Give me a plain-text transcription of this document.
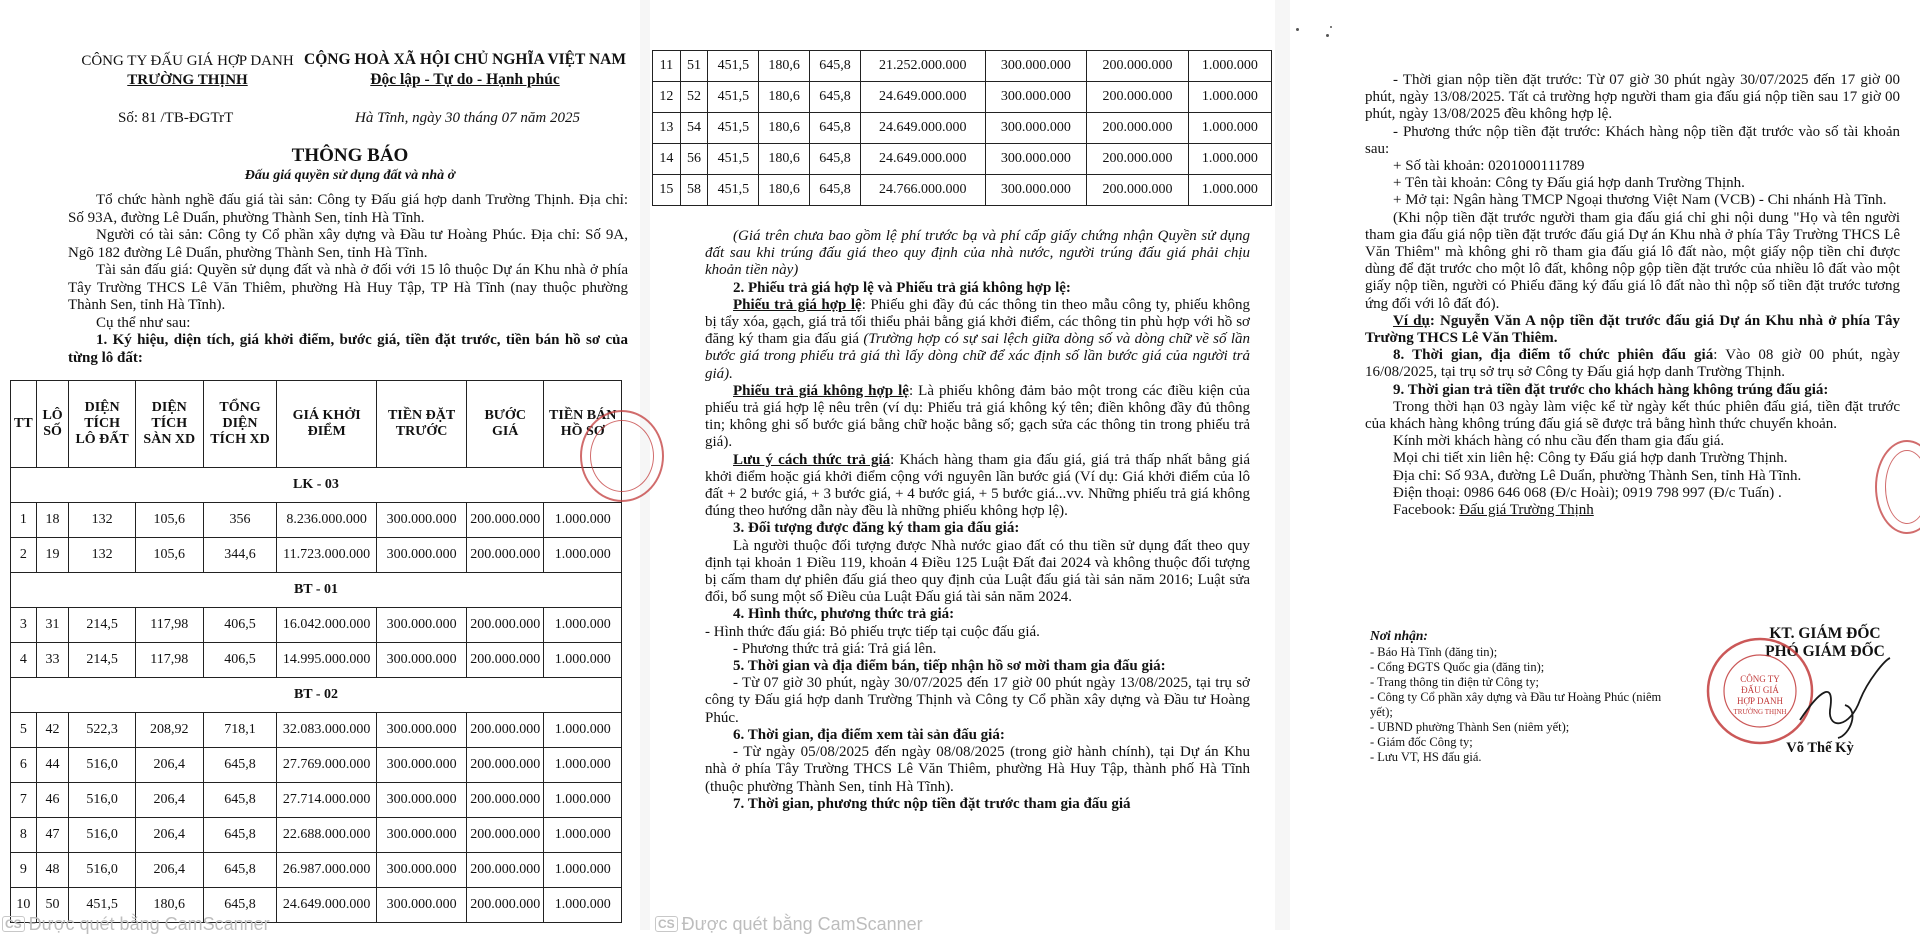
CÔNG TY ĐẤU GIÁ HỢP DANH
TRƯỜNG THỊNH
CỘNG HOÀ XÃ HỘI CHỦ NGHĨA VIỆT NAM
Độc lập - Tự do - Hạnh phúc
Số: 81 /TB-ĐGTrT	Hà Tĩnh, ngày 30 tháng 07 năm 2025
THÔNG BÁO
Đấu giá quyền sử dụng đất và nhà ở

Tổ chức hành nghề đấu giá tài sản: Công ty Đấu giá hợp danh Trường Thịnh. Địa chỉ: Số 93A, đường Lê Duẩn, phường Thành Sen, tỉnh Hà Tĩnh.

Người có tài sản: Công ty Cổ phần xây dựng và Đầu tư Hoàng Phúc. Địa chỉ: Số 9A, Ngõ 182 đường Lê Duẩn, phường Thành Sen, tỉnh Hà Tĩnh.

Tài sản đấu giá: Quyền sử dụng đất và nhà ở đối với 15 lô thuộc Dự án Khu nhà ở phía Tây Trường THCS Lê Văn Thiêm, phường Hà Huy Tập, TP Hà Tĩnh (nay thuộc phường Thành Sen, tỉnh Hà Tĩnh).

Cụ thể như sau:

1. Ký hiệu, diện tích, giá khởi điểm, bước giá, tiền đặt trước, tiền bán hồ sơ của từng lô đất:

TT	LÔ SỐ	DIỆN TÍCH LÔ ĐẤT	DIỆN TÍCH SÀN XD	TỔNG DIỆN TÍCH XD	GIÁ KHỞI ĐIỂM	TIỀN ĐẶT TRƯỚC	BƯỚC GIÁ	TIỀN BÁN HỒ SƠ
LK - 03								
1	18	132	105,6	356	8.236.000.000	300.000.000	200.000.000	1.000.000
2	19	132	105,6	344,6	11.723.000.000	300.000.000	200.000.000	1.000.000
BT - 01								
3	31	214,5	117,98	406,5	16.042.000.000	300.000.000	200.000.000	1.000.000
4	33	214,5	117,98	406,5	14.995.000.000	300.000.000	200.000.000	1.000.000
BT - 02								
5	42	522,3	208,92	718,1	32.083.000.000	300.000.000	200.000.000	1.000.000
6	44	516,0	206,4	645,8	27.769.000.000	300.000.000	200.000.000	1.000.000
7	46	516,0	206,4	645,8	27.714.000.000	300.000.000	200.000.000	1.000.000
8	47	516,0	206,4	645,8	22.688.000.000	300.000.000	200.000.000	1.000.000
9	48	516,0	206,4	645,8	26.987.000.000	300.000.000	200.000.000	1.000.000
10	50	451,5	180,6	645,8	24.649.000.000	300.000.000	200.000.000	1.000.000
CS Được quét bằng CamScanner
11	51	451,5	180,6	645,8	21.252.000.000	300.000.000	200.000.000	1.000.000
12	52	451,5	180,6	645,8	24.649.000.000	300.000.000	200.000.000	1.000.000
13	54	451,5	180,6	645,8	24.649.000.000	300.000.000	200.000.000	1.000.000
14	56	451,5	180,6	645,8	24.649.000.000	300.000.000	200.000.000	1.000.000
15	58	451,5	180,6	645,8	24.766.000.000	300.000.000	200.000.000	1.000.000

(Giá trên chưa bao gồm lệ phí trước bạ và phí cấp giấy chứng nhận Quyền sử dụng đất sau khi trúng đấu giá theo quy định của nhà nước, người trúng đấu giá phải chịu khoản tiền này)

2. Phiếu trả giá hợp lệ và Phiếu trả giá không hợp lệ:

Phiếu trả giá hợp lệ: Phiếu ghi đầy đủ các thông tin theo mẫu công ty, phiếu không bị tẩy xóa, gạch, giá trả tối thiểu phải bằng giá khởi điểm, các thông tin phù hợp với hồ sơ đăng ký tham gia đấu giá (Trường hợp có sự sai lệch giữa dòng số và dòng chữ về số lần bước giá trong phiếu trả giá thì lấy dòng chữ để xác định số lần bước giá của người trả giá).

Phiếu trả giá không hợp lệ: Là phiếu không đảm bảo một trong các điều kiện của phiếu trả giá hợp lệ nêu trên (ví dụ: Phiếu trả giá không ký tên; điền không đầy đủ thông tin; không ghi số bước giá bằng chữ hoặc bằng số; gạch sửa các thông tin trong phiếu trả giá).

Lưu ý cách thức trả giá: Khách hàng tham gia đấu giá, giá trả thấp nhất bằng giá khởi điểm hoặc giá khởi điểm cộng với nguyên lần bước giá (Ví dụ: Giá khởi điểm của lô đất + 2 bước giá, + 3 bước giá, + 4 bước giá, + 5 bước giá...vv. Những phiếu trả giá không đúng theo hướng dẫn này đều là những phiếu không hợp lệ).

3. Đối tượng được đăng ký tham gia đấu giá:

Là người thuộc đối tượng được Nhà nước giao đất có thu tiền sử dụng đất theo quy định tại khoản 1 Điều 119, khoản 4 Điều 125 Luật Đất đai 2024 và không thuộc đối tượng bị cấm tham dự phiên đấu giá theo quy định của Luật đấu giá tài sản năm 2016; Luật sửa đổi, bổ sung một số Điều của Luật Đấu giá tài sản năm 2024.

4. Hình thức, phương thức trả giá:

- Hình thức đấu giá: Bỏ phiếu trực tiếp tại cuộc đấu giá.

- Phương thức trả giá: Trả giá lên.

5. Thời gian và địa điểm bán, tiếp nhận hồ sơ mời tham gia đấu giá:

- Từ 07 giờ 30 phút, ngày 30/07/2025 đến 17 giờ 00 phút ngày 13/08/2025, tại trụ sở công ty Đấu giá hợp danh Trường Thịnh và Công ty Cổ phần xây dựng và Đầu tư Hoàng Phúc.

6. Thời gian, địa điểm xem tài sản đấu giá:

- Từ ngày 05/08/2025 đến ngày 08/08/2025 (trong giờ hành chính), tại Dự án Khu nhà ở phía Tây Trường THCS Lê Văn Thiêm, phường Hà Huy Tập, thành phố Hà Tĩnh (thuộc phường Thành Sen, tỉnh Hà Tĩnh).

7. Thời gian, phương thức nộp tiền đặt trước tham gia đấu giá

CS Được quét bằng CamScanner

- Thời gian nộp tiền đặt trước: Từ 07 giờ 30 phút ngày 30/07/2025 đến 17 giờ 00 phút, ngày 13/08/2025. Tất cả trường hợp người tham gia đấu giá nộp tiền sau 17 giờ 00 phút, ngày 13/08/2025 đều không hợp lệ.

- Phương thức nộp tiền đặt trước: Khách hàng nộp tiền đặt trước vào số tài khoản sau:

+ Số tài khoản: 0201000111789

+ Tên tài khoản: Công ty Đấu giá hợp danh Trường Thịnh.

+ Mở tại: Ngân hàng TMCP Ngoại thương Việt Nam (VCB) - Chi nhánh Hà Tĩnh.

(Khi nộp tiền đặt trước người tham gia đấu giá chỉ ghi nội dung "Họ và tên người tham gia đấu giá nộp tiền đặt trước đấu giá Dự án Khu nhà ở phía Tây Trường THCS Lê Văn Thiêm" mà không ghi rõ tham gia đấu giá lô đất nào, một giấy nộp tiền chỉ được dùng để đặt trước cho một lô đất, không nộp gộp tiền đặt trước của nhiều lô đất vào một giấy nộp tiền, người có Phiếu đăng ký đấu giá lô đất nào thì nộp số tiền đặt trước tương ứng đối với lô đất đó).

Ví dụ: Nguyễn Văn A nộp tiền đặt trước đấu giá Dự án Khu nhà ở phía Tây Trường THCS Lê Văn Thiêm.

8. Thời gian, địa điểm tổ chức phiên đấu giá: Vào 08 giờ 00 phút, ngày 16/08/2025, tại trụ sở trụ sở Công ty Đấu giá hợp danh Trường Thịnh.

9. Thời gian trả tiền đặt trước cho khách hàng không trúng đấu giá:

Trong thời hạn 03 ngày làm việc kể từ ngày kết thúc phiên đấu giá, tiền đặt trước của khách hàng không trúng đấu giá sẽ được trả bằng hình thức chuyển khoản.

Kính mời khách hàng có nhu cầu đến tham gia đấu giá.

Mọi chi tiết xin liên hệ: Công ty Đấu giá hợp danh Trường Thịnh.

Địa chỉ: Số 93A, đường Lê Duẩn, phường Thành Sen, tỉnh Hà Tĩnh.

Điện thoại: 0986 646 068 (Đ/c Hoài); 0919 798 997 (Đ/c Tuấn) .

Facebook: Đấu giá Trường Thịnh

Nơi nhận:
- Báo Hà Tĩnh (đăng tin);
- Cổng ĐGTS Quốc gia (đăng tin);
- Trang thông tin điện tử Công ty;
- Công ty Cổ phần xây dựng và Đầu tư Hoàng Phúc (niêm yết);
- UBND phường Thành Sen (niêm yết);
- Giám đốc Công ty;
- Lưu VT, HS đấu giá.
KT. GIÁM ĐỐC
PHÓ GIÁM ĐỐC
CÔNG TY
ĐẤU GIÁ
HỢP DANH
TRƯỜNG THỊNH
Võ Thế Kỳ
